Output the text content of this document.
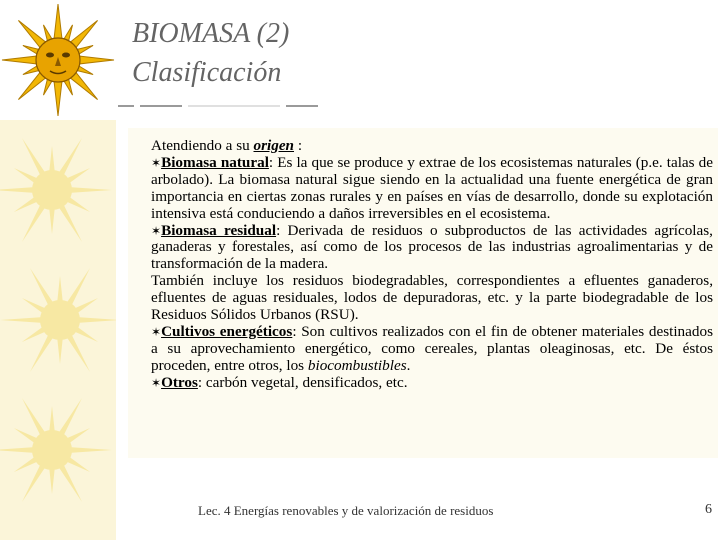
BIOMASA (2)
Clasificación

Atendiendo a su origen :

✶Biomasa natural: Es la que se produce y extrae de los ecosistemas naturales (p.e. talas de arbolado). La biomasa natural sigue siendo en la actualidad una fuente energética de gran importancia en ciertas zonas rurales y en países en vías de desarrollo, donde su explotación intensiva está conduciendo a daños irreversibles en el ecosistema.

✶Biomasa residual: Derivada de residuos o subproductos de las actividades agrícolas, ganaderas y forestales, así como de los procesos de las industrias agroalimentarias y de transformación de la madera.

También incluye los residuos biodegradables, correspondientes a efluentes ganaderos, efluentes de aguas residuales, lodos de depuradoras, etc. y la parte biodegradable de los Residuos Sólidos Urbanos (RSU).

✶Cultivos energéticos: Son cultivos realizados con el fin de obtener materiales destinados a su aprovechamiento energético, como cereales, plantas oleaginosas, etc. De éstos proceden, entre otros, los biocombustibles.

✶Otros: carbón vegetal, densificados, etc.

Lec. 4 Energías renovables y de valorización de residuos	6
